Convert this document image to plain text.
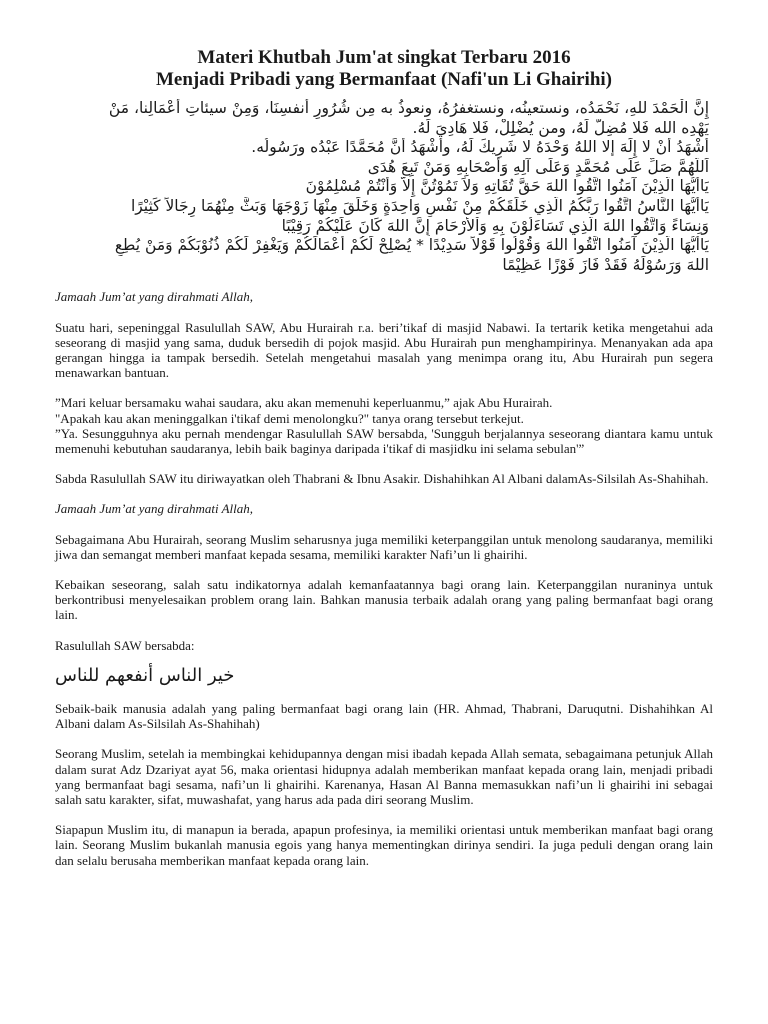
Materi Khutbah Jum'at singkat Terbaru 2016

Menjadi Pribadi yang Bermanfaat (Nafi'un Li Ghairihi)

إِنَّ الْحَمْدَ للهِ، نَحْمَدُه، ونستعينُه، ونستغفرُهُ، ونعوذُ به مِن شُرُورِ أنفسِنَا، وَمِنْ سيئاتِ أعْمَالِنا، مَنْ

يَهْدِه الله فَلا مُضِلَّ لَهُ، ومن يُضْلِلْ، فَلا هَادِيَ لَهُ.

أَشْهَدُ أَنْ لا إِلَهَ إلا اللهُ وَحْدَهُ لا شَرِيكَ لَهُ، وأَشْهَدُ أَنَّ مُحَمَّدًا عَبْدُه ورَسُولُه.

اَللَّهُمَّ صَلِّ عَلَى مُحَمَّدٍ وَعَلَى آلِهِ وَأَصْحَابِهِ وَمَنْ تَبِعَ هُدَى

يَاأَيُّهَا الَّذِيْنَ آمَنُوا اتَّقُوا اللهَ حَقَّ تُقَاتِهِ وَلاَ تَمُوْتُنَّ إِلاَّ وَأَنْتُمْ مُسْلِمُوْنَ

يَاأَيُّهَا النَّاسُ اتَّقُوا رَبَّكُمُ الَّذِي خَلَقَكُمْ مِنْ نَفْسٍ وَاحِدَةٍ وَخَلَقَ مِنْهَا زَوْجَهَا وَبَثَّ مِنْهُمَا رِجَالاً كَثِيْرًا

وَنِسَاءً وَاتَّقُوا اللهَ الَّذِي تَسَاءَلُوْنَ بِهِ وَاْلأَرْحَامَ إِنَّ اللهَ كَانَ عَلَيْكُمْ رَقِيْبًا

يَاأَيُّهَا الَّذِيْنَ آمَنُوا اتَّقُوا اللهَ وَقُوْلُوا قَوْلاً سَدِيْدًا * يُصْلِحْ لَكُمْ أَعْمَالَكُمْ وَيَغْفِرْ لَكُمْ ذُنُوْبَكُمْ وَمَنْ يُطِعِ

اللهَ وَرَسُوْلَهُ فَقَدْ فَازَ فَوْزًا عَظِيْمًا

Jamaah Jum’at yang dirahmati Allah,

Suatu hari, sepeninggal Rasulullah SAW, Abu Hurairah r.a. beri’tikaf di masjid Nabawi. Ia tertarik ketika mengetahui ada seseorang di masjid yang sama, duduk bersedih di pojok masjid. Abu Hurairah pun menghampirinya. Menanyakan ada apa gerangan hingga ia tampak bersedih. Setelah mengetahui masalah yang menimpa orang itu, Abu Hurairah pun segera menawarkan bantuan.

”Mari keluar bersamaku wahai saudara, aku akan memenuhi keperluanmu,” ajak Abu Hurairah.

"Apakah kau akan meninggalkan i'tikaf demi menolongku?" tanya orang tersebut terkejut.

”Ya. Sesungguhnya aku pernah mendengar Rasulullah SAW bersabda, 'Sungguh berjalannya seseorang diantara kamu untuk memenuhi kebutuhan saudaranya, lebih baik baginya daripada i'tikaf di masjidku ini selama sebulan'”

Sabda Rasulullah SAW itu diriwayatkan oleh Thabrani & Ibnu Asakir. Dishahihkan Al Albani dalamAs-Silsilah As-Shahihah.

Jamaah Jum’at yang dirahmati Allah,

Sebagaimana Abu Hurairah, seorang Muslim seharusnya juga memiliki keterpanggilan untuk menolong saudaranya, memiliki jiwa dan semangat memberi manfaat kepada sesama, memiliki karakter Nafi’un li ghairihi.

Kebaikan seseorang, salah satu indikatornya adalah kemanfaatannya bagi orang lain. Keterpanggilan nuraninya untuk berkontribusi menyelesaikan problem orang lain. Bahkan manusia terbaik adalah orang yang paling bermanfaat bagi orang lain.

Rasulullah SAW bersabda:

خير الناس أنفعهم للناس

Sebaik-baik manusia adalah yang paling bermanfaat bagi orang lain (HR. Ahmad, Thabrani, Daruqutni. Dishahihkan Al Albani dalam As-Silsilah As-Shahihah)

Seorang Muslim, setelah ia membingkai kehidupannya dengan misi ibadah kepada Allah semata, sebagaimana petunjuk Allah dalam surat Adz Dzariyat ayat 56, maka orientasi hidupnya adalah memberikan manfaat kepada orang lain, menjadi pribadi yang bermanfaat bagi sesama, nafi’un li ghairihi. Karenanya, Hasan Al Banna memasukkan nafi’un li ghairihi ini sebagai salah satu karakter, sifat, muwashafat, yang harus ada pada diri seorang Muslim.

Siapapun Muslim itu, di manapun ia berada, apapun profesinya, ia memiliki orientasi untuk memberikan manfaat bagi orang lain. Seorang Muslim bukanlah manusia egois yang hanya mementingkan dirinya sendiri. Ia juga peduli dengan orang lain dan selalu berusaha memberikan manfaat kepada orang lain.
